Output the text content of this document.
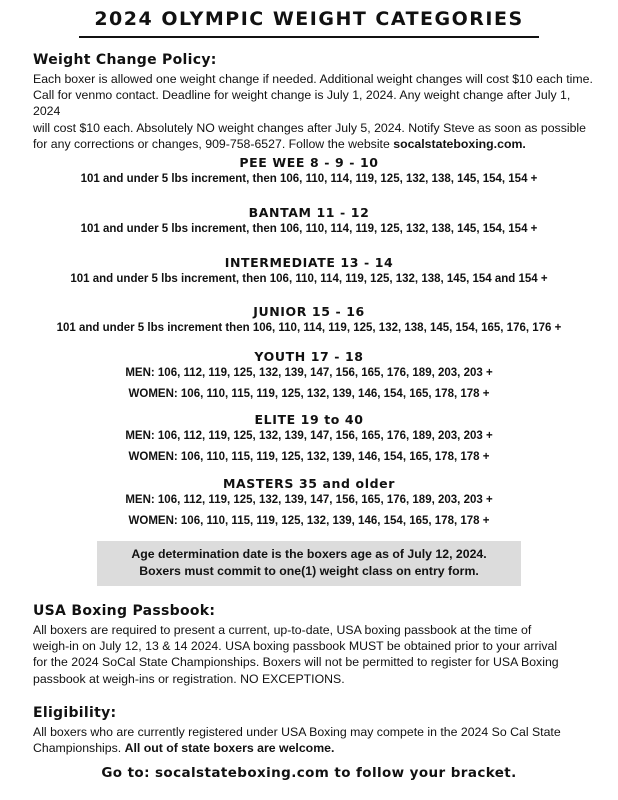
2024 OLYMPIC WEIGHT CATEGORIES
Weight Change Policy:
Each boxer is allowed one weight change if needed. Additional weight changes will cost $10 each time.
Call for venmo contact. Deadline for weight change is July 1, 2024. Any weight change after July 1, 2024
will cost $10 each. Absolutely NO weight changes after July 5, 2024. Notify Steve as soon as possible
for any corrections or changes, 909-758-6527. Follow the website socalstateboxing.com.
PEE WEE 8 - 9 - 10
101 and under 5 lbs increment, then 106, 110, 114, 119, 125, 132, 138, 145, 154, 154 +
BANTAM 11 - 12
101 and under 5 lbs increment, then 106, 110, 114, 119, 125, 132, 138, 145, 154, 154 +
INTERMEDIATE 13 - 14
101 and under 5 lbs increment, then 106, 110, 114, 119, 125, 132, 138, 145, 154 and 154 +
JUNIOR 15 - 16
101 and under 5 lbs increment then 106, 110, 114, 119, 125, 132, 138, 145, 154, 165, 176, 176 +
YOUTH 17 - 18
MEN: 106, 112, 119, 125, 132, 139, 147, 156, 165, 176, 189, 203, 203 +
WOMEN: 106, 110, 115, 119, 125, 132, 139, 146, 154, 165, 178, 178 +
ELITE 19 to 40
MEN: 106, 112, 119, 125, 132, 139, 147, 156, 165, 176, 189, 203, 203 +
WOMEN: 106, 110, 115, 119, 125, 132, 139, 146, 154, 165, 178, 178 +
MASTERS 35 and older
MEN: 106, 112, 119, 125, 132, 139, 147, 156, 165, 176, 189, 203, 203 +
WOMEN: 106, 110, 115, 119, 125, 132, 139, 146, 154, 165, 178, 178 +
Age determination date is the boxers age as of July 12, 2024.
Boxers must commit to one(1) weight class on entry form.
USA Boxing Passbook:
All boxers are required to present a current, up-to-date, USA boxing passbook at the time of
weigh-in on July 12, 13 & 14 2024. USA boxing passbook MUST be obtained prior to your arrival
for the 2024 SoCal State Championships. Boxers will not be permitted to register for USA Boxing
passbook at weigh-ins or registration. NO EXCEPTIONS.
Eligibility:
All boxers who are currently registered under USA Boxing may compete in the 2024 So Cal State
Championships. All out of state boxers are welcome.
Go to: socalstateboxing.com to follow your bracket.
